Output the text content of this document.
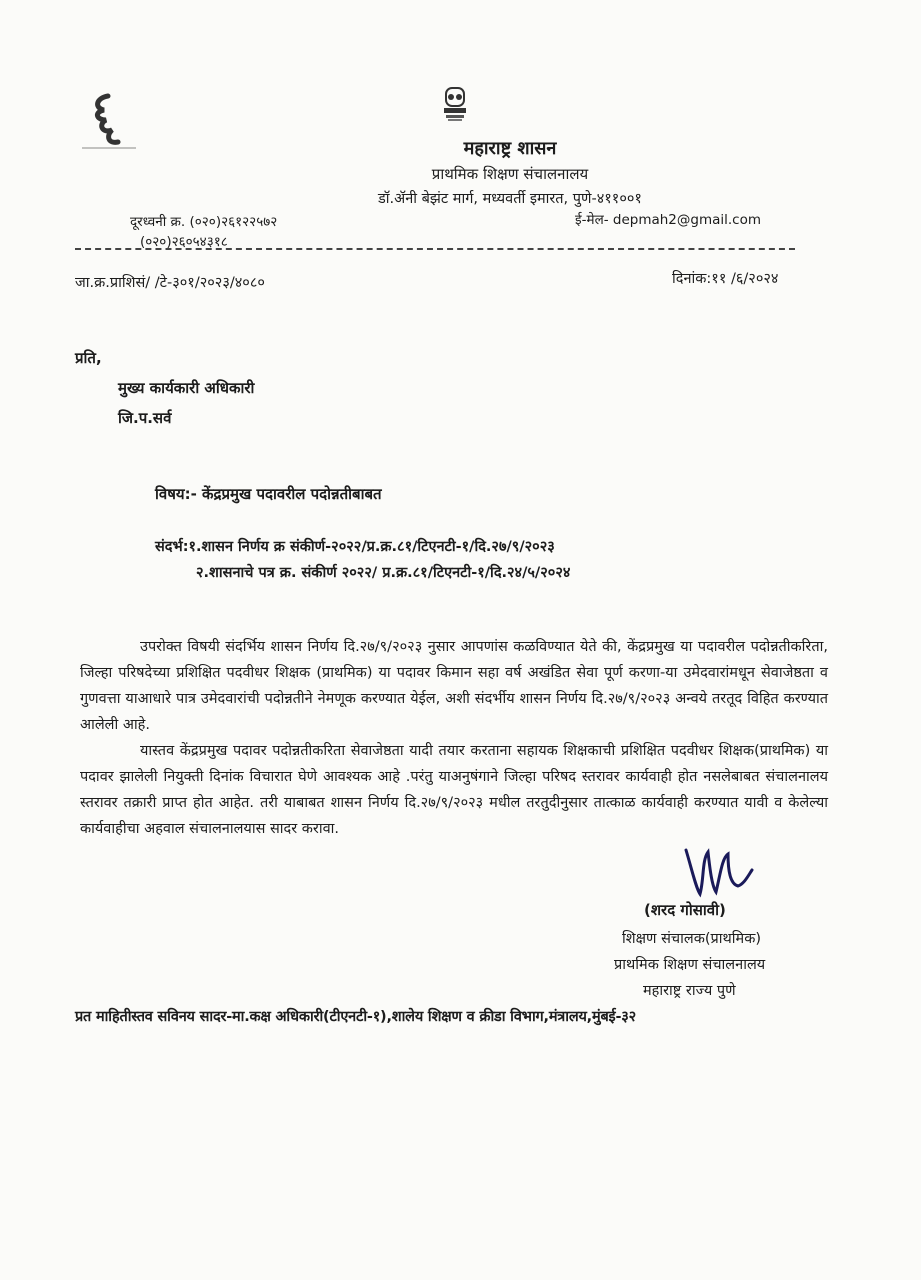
महाराष्ट्र शासन
प्राथमिक शिक्षण संचालनालय
डॉ.ॲनी बेझंट मार्ग, मध्यवर्ती इमारत, पुणे-४११००१
दूरध्वनी क्र. (०२०)२६१२२५७२
(०२०)२६०५४३१८
ई-मेल- depmah2@gmail.com
जा.क्र.प्राशिसं/ /टे-३०१/२०२३/४०८०	दिनांक:११ /६/२०२४
प्रति,
मुख्य कार्यकारी अधिकारी
जि.प.सर्व
विषय:- केंद्रप्रमुख पदावरील पदोन्नतीबाबत
संदर्भ:१.शासन निर्णय क्र संकीर्ण-२०२२/प्र.क्र.८१/टिएनटी-१/दि.२७/९/२०२३
२.शासनाचे पत्र क्र. संकीर्ण २०२२/ प्र.क्र.८१/टिएनटी-१/दि.२४/५/२०२४

उपरोक्त विषयी संदर्भिय शासन निर्णय दि.२७/९/२०२३ नुसार आपणांस कळविण्यात येते की, केंद्रप्रमुख या पदावरील पदोन्नतीकरिता, जिल्हा परिषदेच्या प्रशिक्षित पदवीधर शिक्षक (प्राथमिक) या पदावर किमान सहा वर्ष अखंडित सेवा पूर्ण करणा-या उमेदवारांमधून सेवाजेष्ठता व गुणवत्ता याआधारे पात्र उमेदवारांची पदोन्नतीने नेमणूक करण्यात येईल, अशी संदर्भीय शासन निर्णय दि.२७/९/२०२३ अन्वये तरतूद विहित करण्यात आलेली आहे.

यास्तव केंद्रप्रमुख पदावर पदोन्नतीकरिता सेवाजेष्ठता यादी तयार करताना सहायक शिक्षकाची प्रशिक्षित पदवीधर शिक्षक(प्राथमिक) या पदावर झालेली नियुक्ती दिनांक विचारात घेणे आवश्यक आहे .परंतु याअनुषंगाने जिल्हा परिषद स्तरावर कार्यवाही होत नसलेबाबत संचालनालय स्तरावर तक्रारी प्राप्त होत आहेत. तरी याबाबत शासन निर्णय दि.२७/९/२०२३ मधील तरतुदीनुसार तात्काळ कार्यवाही करण्यात यावी व केलेल्या कार्यवाहीचा अहवाल संचालनालयास सादर करावा.

(शरद गोसावी)
शिक्षण संचालक(प्राथमिक)
प्राथमिक शिक्षण संचालनालय
महाराष्ट्र राज्य पुणे
प्रत माहितीस्तव सविनय सादर-मा.कक्ष अधिकारी(टीएनटी-१),शालेय शिक्षण व क्रीडा विभाग,मंत्रालय,मुंबई-३२
